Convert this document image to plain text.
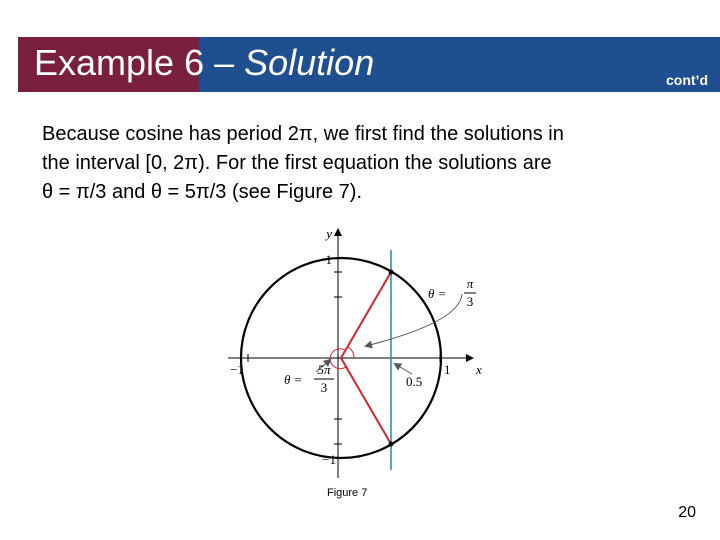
Example 6 – Solution	cont’d

Because cosine has period 2π, we first find the solutions in

the interval [0, 2π). For the first equation the solutions are

θ = π/3 and θ = 5π/3 (see Figure 7).

y
x
1
−1
−1	1
0.5
θ =
π
3
θ =
5π
3
Figure 7
20
